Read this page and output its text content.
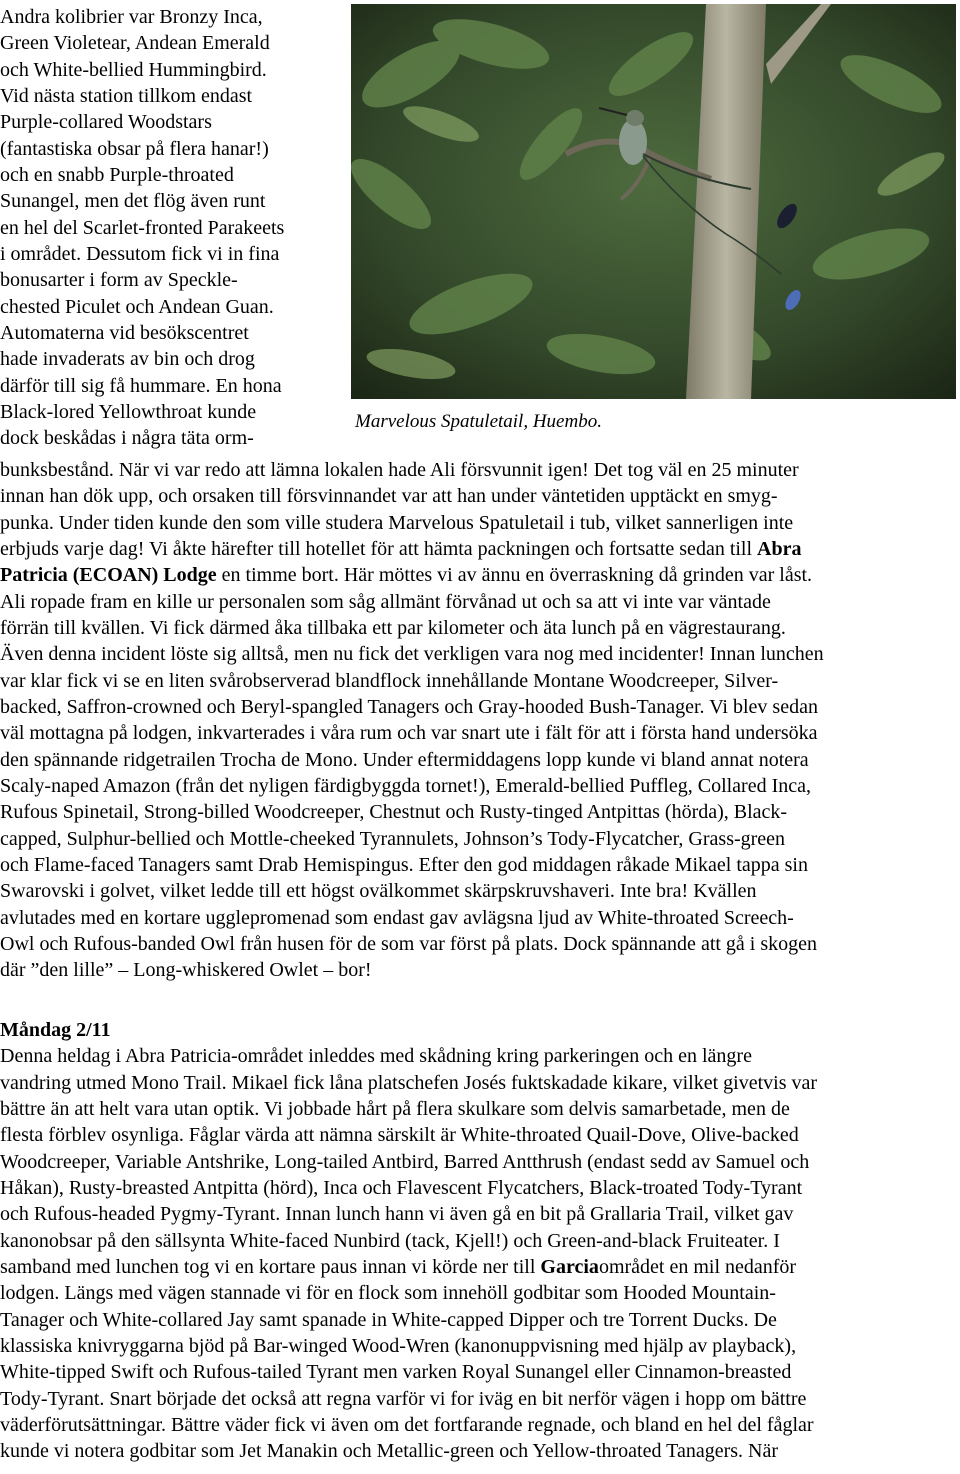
Marvelous Spatuletail, Huembo.

Andra kolibrier var Bronzy Inca,

Green Violetear, Andean Emerald

och White-bellied Hummingbird.

Vid nästa station tillkom endast

Purple-collared Woodstars

(fantastiska obsar på flera hanar!)

och en snabb Purple-throated

Sunangel, men det flög även runt

en hel del Scarlet-fronted Parakeets

i området. Dessutom fick vi in fina

bonusarter i form av Speckle-

chested Piculet och Andean Guan.

Automaterna vid besökscentret

hade invaderats av bin och drog

därför till sig få hummare. En hona

Black-lored Yellowthroat kunde

dock beskådas i några täta orm-

bunksbestånd. När vi var redo att lämna lokalen hade Ali försvunnit igen! Det tog väl en 25 minuter

innan han dök upp, och orsaken till försvinnandet var att han under väntetiden upptäckt en smyg-

punka. Under tiden kunde den som ville studera Marvelous Spatuletail i tub, vilket sannerligen inte

erbjuds varje dag! Vi åkte härefter till hotellet för att hämta packningen och fortsatte sedan till Abra

Patricia (ECOAN) Lodge en timme bort. Här möttes vi av ännu en överraskning då grinden var låst.

Ali ropade fram en kille ur personalen som såg allmänt förvånad ut och sa att vi inte var väntade

förrän till kvällen. Vi fick därmed åka tillbaka ett par kilometer och äta lunch på en vägrestaurang.

Även denna incident löste sig alltså, men nu fick det verkligen vara nog med incidenter! Innan lunchen

var klar fick vi se en liten svårobserverad blandflock innehållande Montane Woodcreeper, Silver-

backed, Saffron-crowned och Beryl-spangled Tanagers och Gray-hooded Bush-Tanager. Vi blev sedan

väl mottagna på lodgen, inkvarterades i våra rum och var snart ute i fält för att i första hand undersöka

den spännande ridgetrailen Trocha de Mono. Under eftermiddagens lopp kunde vi bland annat notera

Scaly-naped Amazon (från det nyligen färdigbyggda tornet!), Emerald-bellied Puffleg, Collared Inca,

Rufous Spinetail, Strong-billed Woodcreeper, Chestnut och Rusty-tinged Antpittas (hörda), Black-

capped, Sulphur-bellied och Mottle-cheeked Tyrannulets, Johnson’s Tody-Flycatcher, Grass-green

och Flame-faced Tanagers samt Drab Hemispingus. Efter den god middagen råkade Mikael tappa sin

Swarovski i golvet, vilket ledde till ett högst ovälkommet skärpskruvshaveri. Inte bra! Kvällen

avlutades med en kortare ugglepromenad som endast gav avlägsna ljud av White-throated Screech-

Owl och Rufous-banded Owl från husen för de som var först på plats. Dock spännande att gå i skogen

där ”den lille” – Long-whiskered Owlet – bor!

Måndag 2/11

Denna heldag i Abra Patricia-området inleddes med skådning kring parkeringen och en längre

vandring utmed Mono Trail. Mikael fick låna platschefen Josés fuktskadade kikare, vilket givetvis var

bättre än att helt vara utan optik. Vi jobbade hårt på flera skulkare som delvis samarbetade, men de

flesta förblev osynliga. Fåglar värda att nämna särskilt är White-throated Quail-Dove, Olive-backed

Woodcreeper, Variable Antshrike, Long-tailed Antbird, Barred Antthrush (endast sedd av Samuel och

Håkan), Rusty-breasted Antpitta (hörd), Inca och Flavescent Flycatchers, Black-troated Tody-Tyrant

och Rufous-headed Pygmy-Tyrant. Innan lunch hann vi även gå en bit på Grallaria Trail, vilket gav

kanonobsar på den sällsynta White-faced Nunbird (tack, Kjell!) och Green-and-black Fruiteater. I

samband med lunchen tog vi en kortare paus innan vi körde ner till Garciaområdet en mil nedanför

lodgen. Längs med vägen stannade vi för en flock som innehöll godbitar som Hooded Mountain-

Tanager och White-collared Jay samt spanade in White-capped Dipper och tre Torrent Ducks. De

klassiska knivryggarna bjöd på Bar-winged Wood-Wren (kanonuppvisning med hjälp av playback),

White-tipped Swift och Rufous-tailed Tyrant men varken Royal Sunangel eller Cinnamon-breasted

Tody-Tyrant. Snart började det också att regna varför vi for iväg en bit nerför vägen i hopp om bättre

väderförutsättningar. Bättre väder fick vi även om det fortfarande regnade, och bland en hel del fåglar

kunde vi notera godbitar som Jet Manakin och Metallic-green och Yellow-throated Tanagers. När
